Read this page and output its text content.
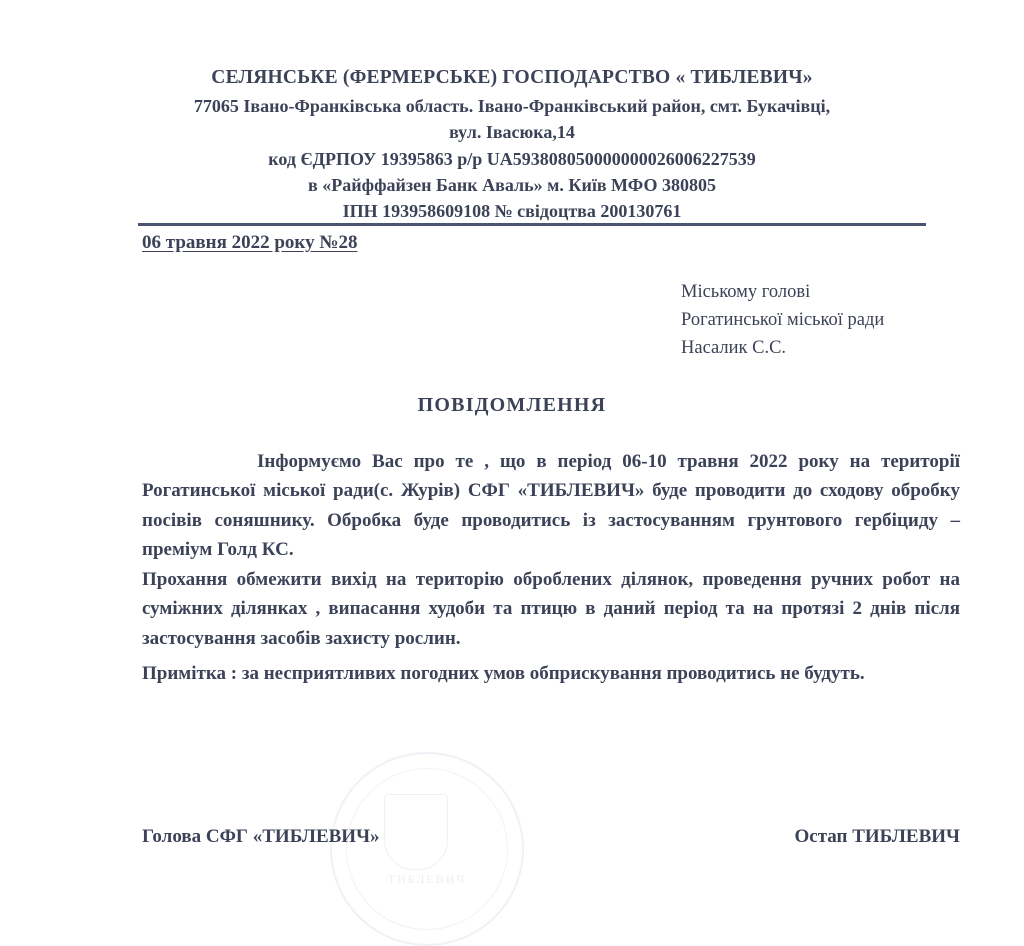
ТИБЛЕВИЧ
СЕЛЯНСЬКЕ (ФЕРМЕРСЬКЕ) ГОСПОДАРСТВО « ТИБЛЕВИЧ»
77065 Івано-Франківська область. Івано-Франківський район, смт. Букачівці,
вул. Івасюка,14
код ЄДРПОУ 19395863 р/р UA593808050000000026006227539
в «Райффайзен Банк Аваль» м. Київ МФО 380805
ІПН 193958609108 № свідоцтва 200130761
06 травня 2022 року №28
Міському голові
Рогатинської міської ради
Насалик С.С.
ПОВІДОМЛЕННЯ

Інформуємо Вас про те , що в період 06-10 травня 2022 року на території Рогатинської міської ради(с. Журів) СФГ «ТИБЛЕВИЧ» буде проводити до сходову обробку посівів соняшнику. Обробка буде проводитись із застосуванням грунтового гербіциду –преміум Голд КС.

Прохання обмежити вихід на територію оброблених ділянок, проведення ручних робот на суміжних ділянках , випасання худоби та птицю в даний період та на протязі 2 днів після застосування засобів захисту рослин.

Примітка : за несприятливих погодних умов обприскування проводитись не будуть.
Голова СФГ «ТИБЛЕВИЧ»	Остап ТИБЛЕВИЧ
